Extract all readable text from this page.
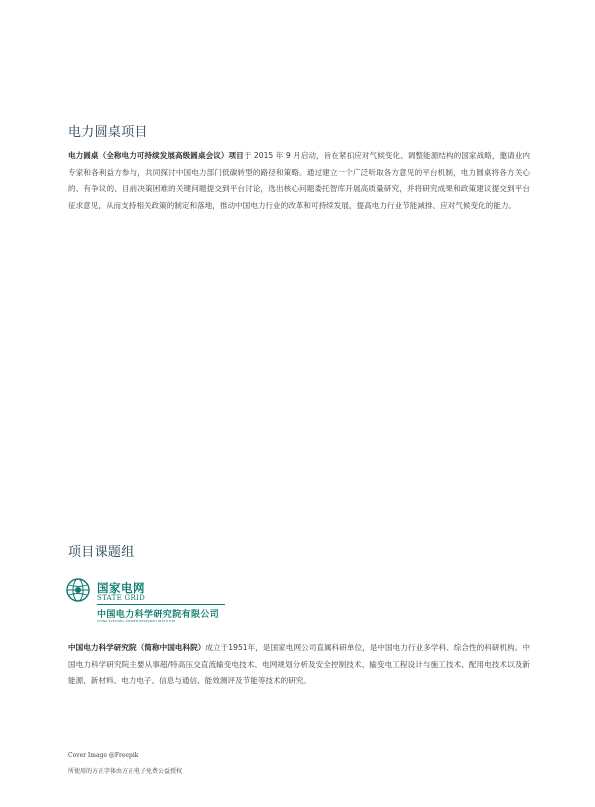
电力圆桌项目

电力圆桌（全称电力可持续发展高级圆桌会议）项目于 2015 年 9 月启动，旨在紧扣应对气候变化、调整能源结构的国家战略，邀请业内专家和各利益方参与，共同探讨中国电力部门低碳转型的路径和策略。通过建立一个广泛听取各方意见的平台机制，电力圆桌将各方关心的、有争议的、目前决策困难的关键问题提交到平台讨论，选出核心问题委托智库开展高质量研究，并将研究成果和政策建议提交到平台征求意见，从而支持相关政策的制定和落地，推动中国电力行业的改革和可持续发展，提高电力行业节能减排、应对气候变化的能力。

项目课题组
国家电网
STATE GRID
中国电力科学研究院有限公司
CHINA ELECTRIC POWER RESEARCH INSTITUTE

中国电力科学研究院（简称中国电科院）成立于1951年，是国家电网公司直属科研单位，是中国电力行业多学科、综合性的科研机构。中国电力科学研究院主要从事超/特高压交直流输变电技术、电网规划分析及安全控制技术、输变电工程设计与施工技术、配用电技术以及新能源、新材料、电力电子、信息与通信、能效测评及节能等技术的研究。

Cover Image @Freepik
所使用的方正字体由方正电子免费公益授权
